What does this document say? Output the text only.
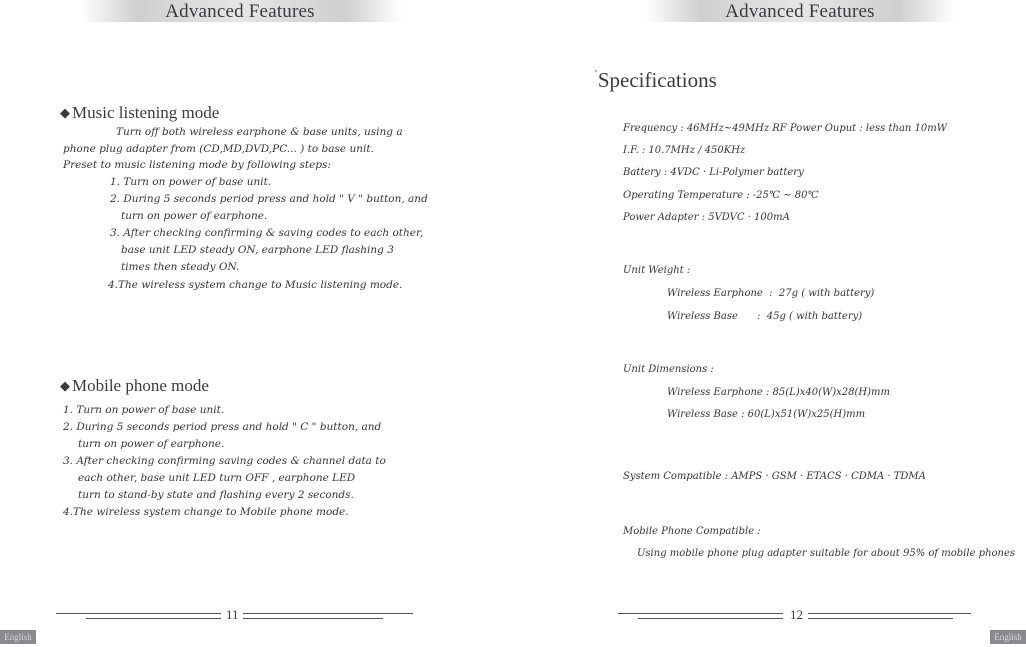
Advanced Features
◆ Music listening mode
Turn off both wireless earphone & base units, using a
phone plug adapter from (CD,MD,DVD,PC... ) to base unit.
Preset to music listening mode by following steps:
1. Turn on power of base unit.
2. During 5 seconds period press and hold " V " button, and
turn on power of earphone.
3. After checking confirming & saving codes to each other,
base unit LED steady ON, earphone LED flashing 3
times then steady ON.
4.The wireless system change to Music listening mode.
◆ Mobile phone mode
1. Turn on power of base unit.
2. During 5 seconds period press and hold " C " button, and
turn on power of earphone.
3. After checking confirming saving codes & channel data to
each other, base unit LED turn OFF , earphone LED
turn to stand-by state and flashing every 2 seconds.
4.The wireless system change to Mobile phone mode.
11
English
Advanced Features
'Specifications
Frequency : 46MHz~49MHz RF Power Ouput : less than 10mW
I.F. : 10.7MHz / 450KHz
Battery : 4VDC · Li-Polymer battery
Operating Temperature : -25℃ ~ 80℃
Power Adapter : 5VDVC · 100mA
Unit Weight :
Wireless Earphone  :  27g ( with battery)
Wireless Base      :  45g ( with battery)
Unit Dimensions :
Wireless Earphone : 85(L)x40(W)x28(H)mm
Wireless Base : 60(L)x51(W)x25(H)mm
System Compatible : AMPS · GSM · ETACS · CDMA · TDMA
Mobile Phone Compatible :
Using mobile phone plug adapter suitable for about 95% of mobile phones
12
English
